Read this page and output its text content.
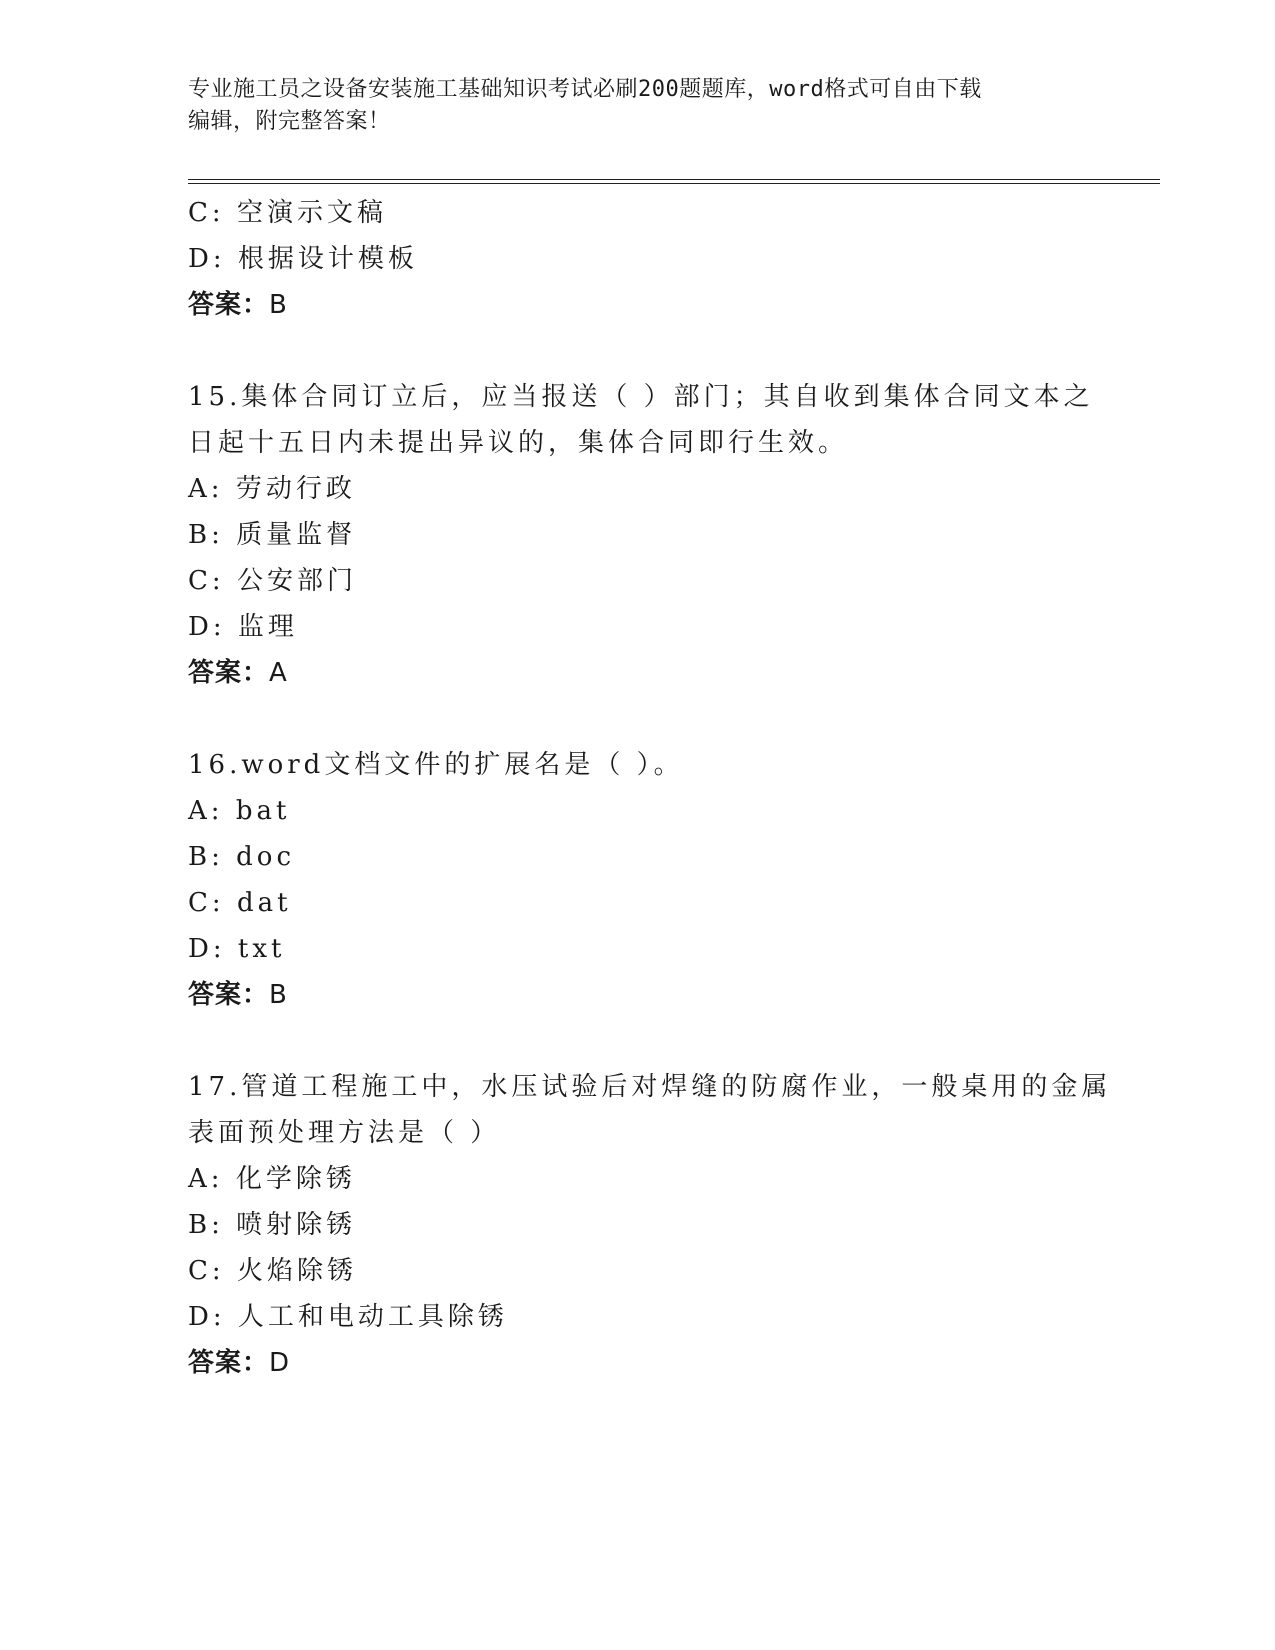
专业施工员之设备安装施工基础知识考试必刷200题题库，word格式可自由下载
编辑，附完整答案！
C: 空演示文稿
D: 根据设计模板
答案：B
15.集体合同订立后，应当报送（ ）部门；其自收到集体合同文本之
日起十五日内未提出异议的，集体合同即行生效。
A: 劳动行政
B: 质量监督
C: 公安部门
D: 监理
答案：A
16.word文档文件的扩展名是（ ）。
A: bat
B: doc
C: dat
D: txt
答案：B
17.管道工程施工中，水压试验后对焊缝的防腐作业，一般桌用的金属
表面预处理方法是（ ）
A: 化学除锈
B: 喷射除锈
C: 火焰除锈
D: 人工和电动工具除锈
答案：D
